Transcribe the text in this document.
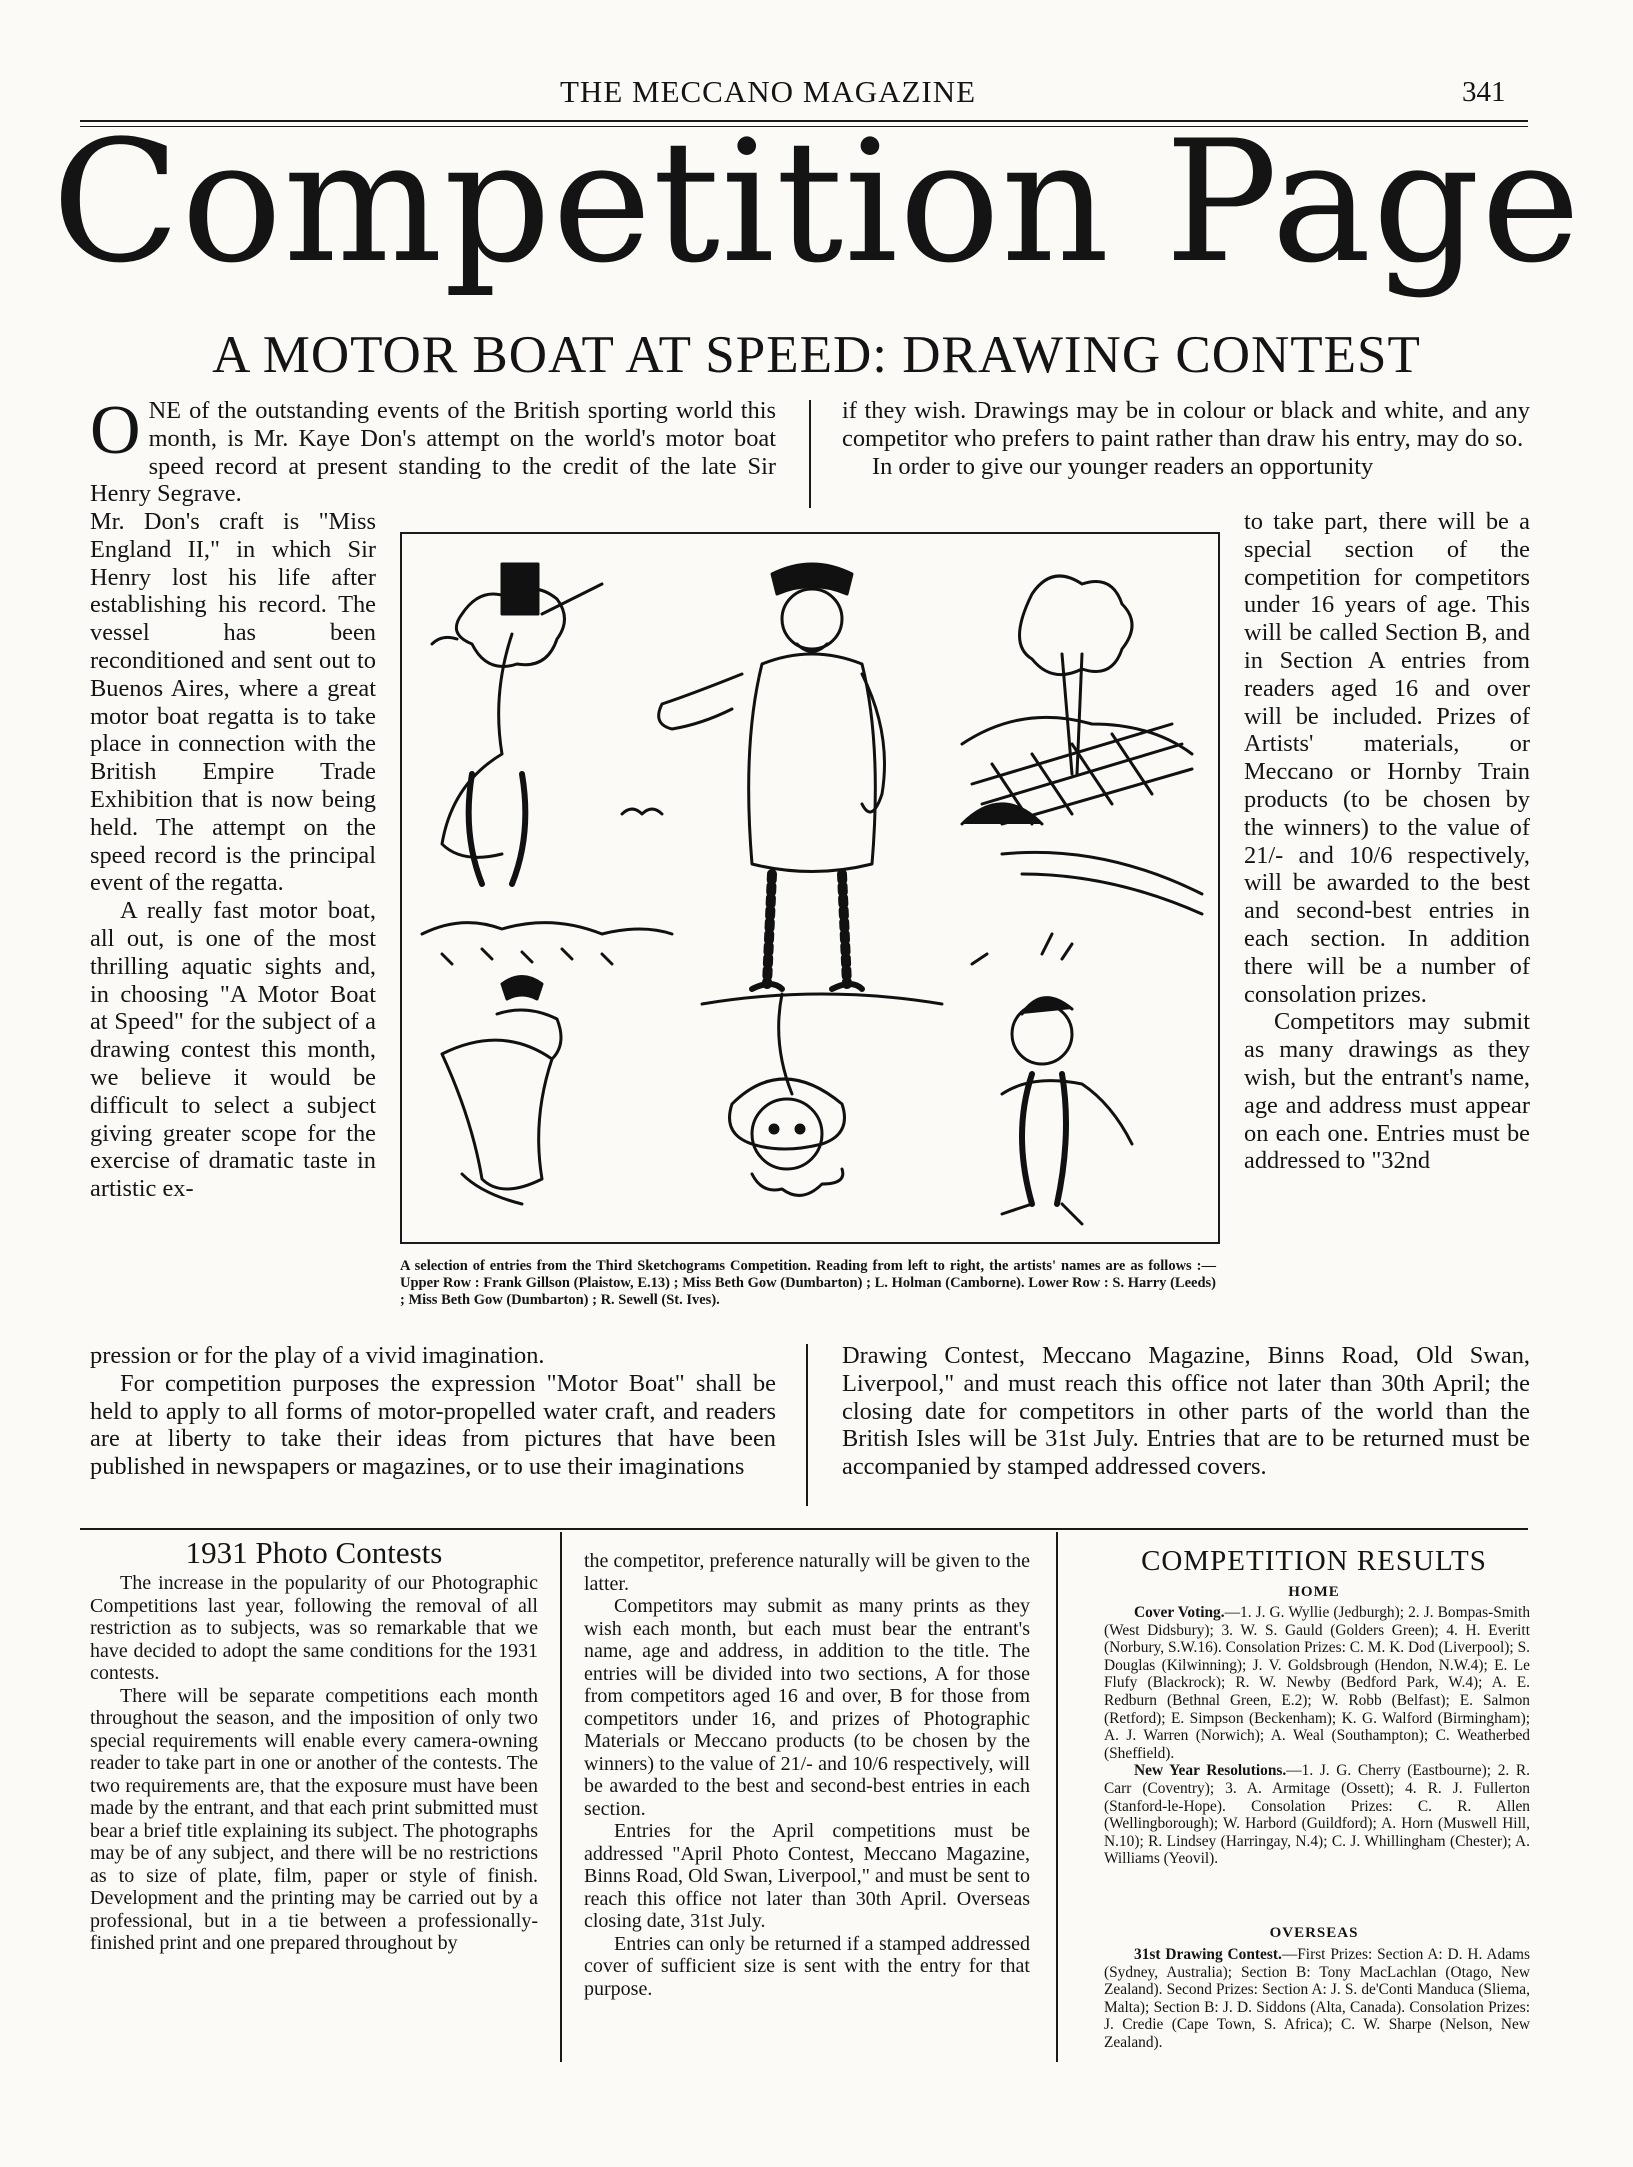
THE MECCANO MAGAZINE	341
Competition Page
A MOTOR BOAT AT SPEED: DRAWING CONTEST
ONE of the outstanding events of the British sporting world this month, is Mr. Kaye Don's attempt on the world's motor boat speed record at present standing to the credit of the late Sir Henry Segrave.

if they wish. Drawings may be in colour or black and white, and any competitor who prefers to paint rather than draw his entry, may do so.

In order to give our younger readers an opportunity

Mr. Don's craft is "Miss England II," in which Sir Henry lost his life after establishing his record. The vessel has been reconditioned and sent out to Buenos Aires, where a great motor boat regatta is to take place in connection with the British Empire Trade Exhibition that is now being held. The attempt on the speed record is the principal event of the regatta.

A really fast motor boat, all out, is one of the most thrilling aquatic sights and, in choosing "A Motor Boat at Speed" for the subject of a drawing contest this month, we believe it would be difficult to select a subject giving greater scope for the exercise of dramatic taste in artistic ex-

to take part, there will be a special section of the competition for competitors under 16 years of age. This will be called Section B, and in Section A entries from readers aged 16 and over will be included. Prizes of Artists' materials, or Meccano or Hornby Train products (to be chosen by the winners) to the value of 21/- and 10/6 respectively, will be awarded to the best and second-best entries in each section. In addition there will be a number of consolation prizes.

Competitors may submit as many drawings as they wish, but the entrant's name, age and address must appear on each one. Entries must be addressed to "32nd

A selection of entries from the Third Sketchograms Competition. Reading from left to right, the artists' names are as follows :—Upper Row : Frank Gillson (Plaistow, E.13) ; Miss Beth Gow (Dumbarton) ; L. Holman (Camborne). Lower Row : S. Harry (Leeds) ; Miss Beth Gow (Dumbarton) ; R. Sewell (St. Ives).

pression or for the play of a vivid imagination.

For competition purposes the expression "Motor Boat" shall be held to apply to all forms of motor-propelled water craft, and readers are at liberty to take their ideas from pictures that have been published in newspapers or magazines, or to use their imaginations

Drawing Contest, Meccano Magazine, Binns Road, Old Swan, Liverpool," and must reach this office not later than 30th April; the closing date for competitors in other parts of the world than the British Isles will be 31st July. Entries that are to be returned must be accompanied by stamped addressed covers.

1931 Photo Contests

The increase in the popularity of our Photographic Competitions last year, following the removal of all restriction as to subjects, was so remarkable that we have decided to adopt the same conditions for the 1931 contests.

There will be separate competitions each month throughout the season, and the imposition of only two special requirements will enable every camera-owning reader to take part in one or another of the contests. The two requirements are, that the exposure must have been made by the entrant, and that each print submitted must bear a brief title explaining its subject. The photographs may be of any subject, and there will be no restrictions as to size of plate, film, paper or style of finish. Development and the printing may be carried out by a professional, but in a tie between a professionally-finished print and one prepared throughout by

the competitor, preference naturally will be given to the latter.

Competitors may submit as many prints as they wish each month, but each must bear the entrant's name, age and address, in addition to the title. The entries will be divided into two sections, A for those from competitors aged 16 and over, B for those from competitors under 16, and prizes of Photographic Materials or Meccano products (to be chosen by the winners) to the value of 21/- and 10/6 respectively, will be awarded to the best and second-best entries in each section.

Entries for the April competitions must be addressed "April Photo Contest, Meccano Magazine, Binns Road, Old Swan, Liverpool," and must be sent to reach this office not later than 30th April. Overseas closing date, 31st July.

Entries can only be returned if a stamped addressed cover of sufficient size is sent with the entry for that purpose.

COMPETITION RESULTS
HOME

Cover Voting.—1. J. G. Wyllie (Jedburgh); 2. J. Bompas-Smith (West Didsbury); 3. W. S. Gauld (Golders Green); 4. H. Everitt (Norbury, S.W.16). Consolation Prizes: C. M. K. Dod (Liverpool); S. Douglas (Kilwinning); J. V. Goldsbrough (Hendon, N.W.4); E. Le Flufy (Blackrock); R. W. Newby (Bedford Park, W.4); A. E. Redburn (Bethnal Green, E.2); W. Robb (Belfast); E. Salmon (Retford); E. Simpson (Beckenham); K. G. Walford (Birmingham); A. J. Warren (Norwich); A. Weal (Southampton); C. Weatherbed (Sheffield).

New Year Resolutions.—1. J. G. Cherry (Eastbourne); 2. R. Carr (Coventry); 3. A. Armitage (Ossett); 4. R. J. Fullerton (Stanford-le-Hope). Consolation Prizes: C. R. Allen (Wellingborough); W. Harbord (Guildford); A. Horn (Muswell Hill, N.10); R. Lindsey (Harringay, N.4); C. J. Whillingham (Chester); A. Williams (Yeovil).

OVERSEAS

31st Drawing Contest.—First Prizes: Section A: D. H. Adams (Sydney, Australia); Section B: Tony MacLachlan (Otago, New Zealand). Second Prizes: Section A: J. S. de'Conti Manduca (Sliema, Malta); Section B: J. D. Siddons (Alta, Canada). Consolation Prizes: J. Credie (Cape Town, S. Africa); C. W. Sharpe (Nelson, New Zealand).
